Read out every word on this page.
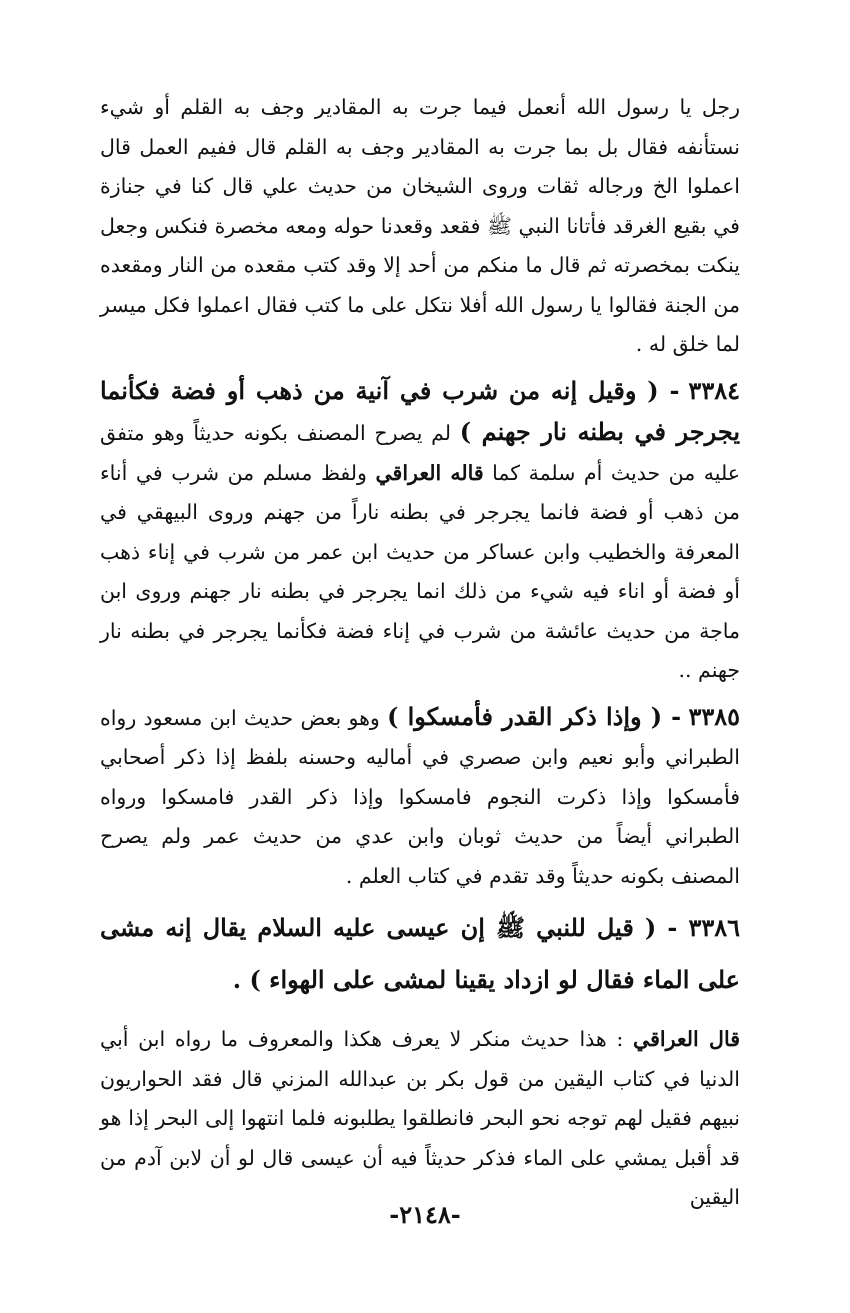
رجل يا رسول الله أنعمل فيما جرت به المقادير وجف به القلم أو شيء نستأنفه فقال بل بما جرت به المقادير وجف به القلم قال ففيم العمل قال اعملوا الخ ورجاله ثقات وروى الشيخان من حديث علي قال كنا في جنازة في بقيع الغرقد فأتانا النبي ﷺ فقعد وقعدنا حوله ومعه مخصرة فنكس وجعل ينكت بمخصرته ثم قال ما منكم من أحد إلا وقد كتب مقعده من النار ومقعده من الجنة فقالوا يا رسول الله أفلا نتكل على ما كتب فقال اعملوا فكل ميسر لما خلق له .

٣٣٨٤ - ( وقيل إنه من شرب في آنية من ذهب أو فضة فكأنما يجرجر في بطنه نار جهنم ) لم يصرح المصنف بكونه حديثاً وهو متفق عليه من حديث أم سلمة كما قاله العراقي ولفظ مسلم من شرب في أناء من ذهب أو فضة فانما يجرجر في بطنه ناراً من جهنم وروى البيهقي في المعرفة والخطيب وابن عساكر من حديث ابن عمر من شرب في إناء ذهب أو فضة أو اناء فيه شيء من ذلك انما يجرجر في بطنه نار جهنم وروى ابن ماجة من حديث عائشة من شرب في إناء فضة فكأنما يجرجر في بطنه نار جهنم ..

٣٣٨٥ - ( وإذا ذكر القدر فأمسكوا ) وهو بعض حديث ابن مسعود رواه الطبراني وأبو نعيم وابن صصري في أماليه وحسنه بلفظ إذا ذكر أصحابي فأمسكوا وإذا ذكرت النجوم فامسكوا وإذا ذكر القدر فامسكوا ورواه الطبراني أيضاً من حديث ثوبان وابن عدي من حديث عمر ولم يصرح المصنف بكونه حديثاً وقد تقدم في كتاب العلم .

٣٣٨٦ - ( قيل للنبي ﷺ إن عيسى عليه السلام يقال إنه مشى على الماء فقال لو ازداد يقينا لمشى على الهواء ) .

قال العراقي : هذا حديث منكر لا يعرف هكذا والمعروف ما رواه ابن أبي الدنيا في كتاب اليقين من قول بكر بن عبدالله المزني قال فقد الحواريون نبيهم فقيل لهم توجه نحو البحر فانطلقوا يطلبونه فلما انتهوا إلى البحر إذا هو قد أقبل يمشي على الماء فذكر حديثاً فيه أن عيسى قال لو أن لابن آدم من اليقين

-٢١٤٨-
